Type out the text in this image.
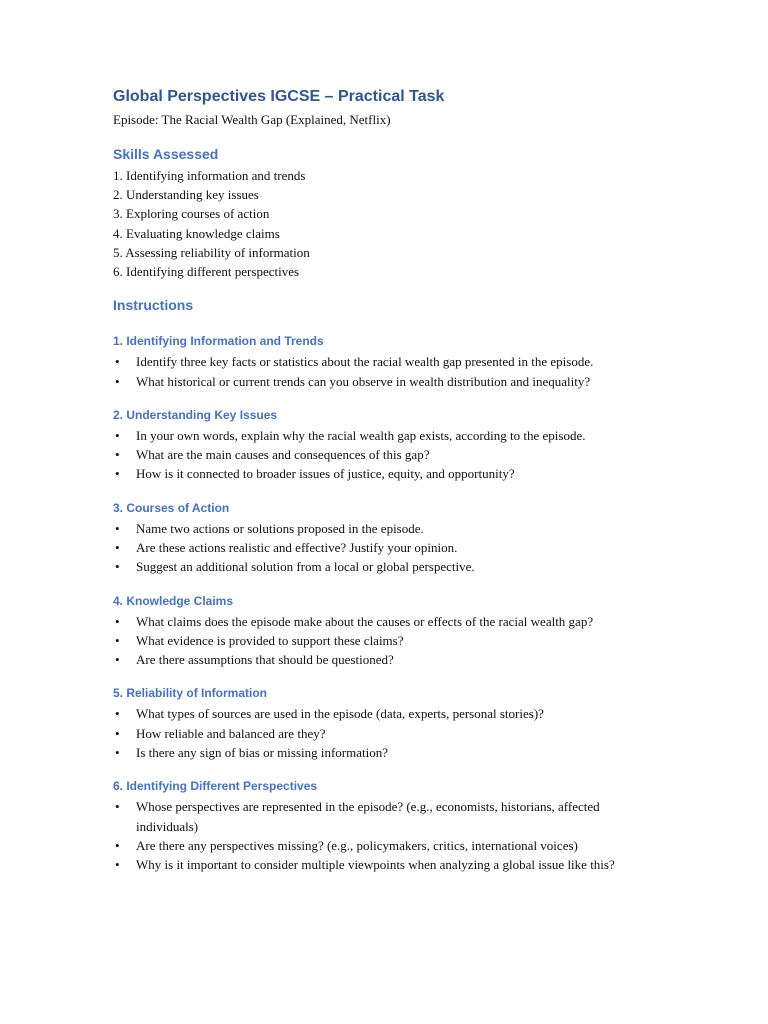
Global Perspectives IGCSE – Practical Task

Episode: The Racial Wealth Gap (Explained, Netflix)

Skills Assessed
1. Identifying information and trends
2. Understanding key issues
3. Exploring courses of action
4. Evaluating knowledge claims
5. Assessing reliability of information
6. Identifying different perspectives
Instructions
1. Identifying Information and Trends
• Identify three key facts or statistics about the racial wealth gap presented in the episode.
• What historical or current trends can you observe in wealth distribution and inequality?
2. Understanding Key Issues
• In your own words, explain why the racial wealth gap exists, according to the episode.
• What are the main causes and consequences of this gap?
• How is it connected to broader issues of justice, equity, and opportunity?
3. Courses of Action
• Name two actions or solutions proposed in the episode.
• Are these actions realistic and effective? Justify your opinion.
• Suggest an additional solution from a local or global perspective.
4. Knowledge Claims
• What claims does the episode make about the causes or effects of the racial wealth gap?
• What evidence is provided to support these claims?
• Are there assumptions that should be questioned?
5. Reliability of Information
• What types of sources are used in the episode (data, experts, personal stories)?
• How reliable and balanced are they?
• Is there any sign of bias or missing information?
6. Identifying Different Perspectives
• Whose perspectives are represented in the episode? (e.g., economists, historians, affected individuals)
• Are there any perspectives missing? (e.g., policymakers, critics, international voices)
• Why is it important to consider multiple viewpoints when analyzing a global issue like this?
